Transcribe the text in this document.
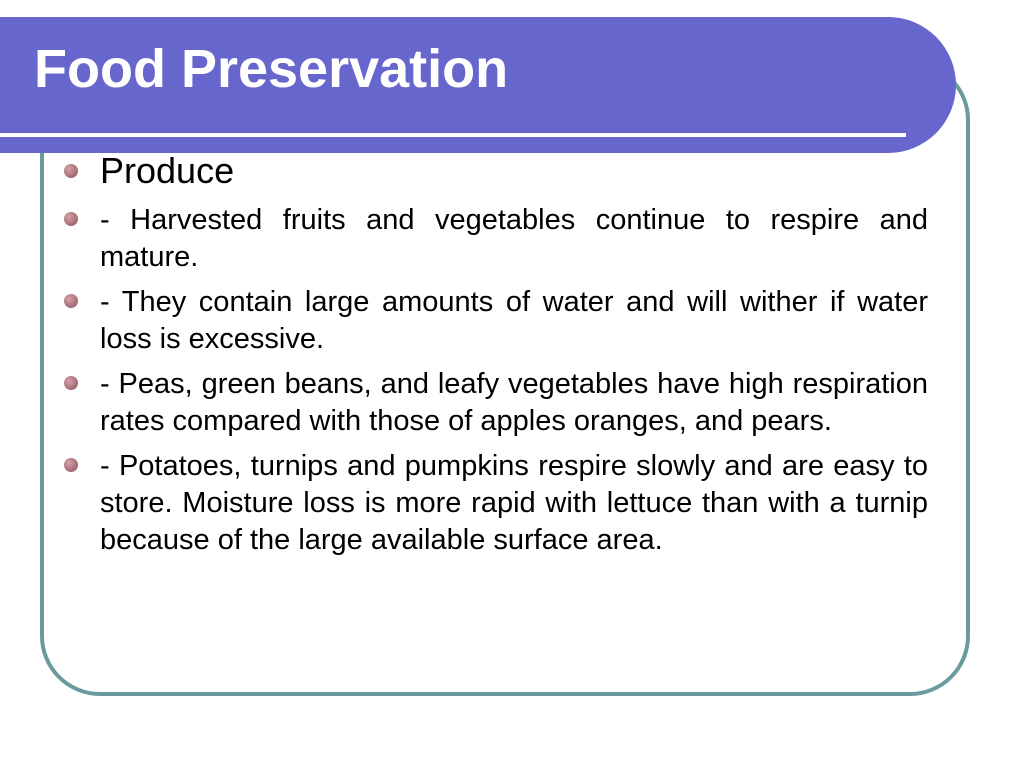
Food Preservation
Produce
- Harvested fruits and vegetables continue to respire and mature.
- They contain large amounts of water and will wither if water loss is excessive.
- Peas, green beans, and leafy vegetables have high respiration rates compared with those of apples oranges, and pears.
- Potatoes, turnips and pumpkins respire slowly and are easy to store. Moisture loss is more rapid with lettuce than with a turnip because of the large available surface area.
